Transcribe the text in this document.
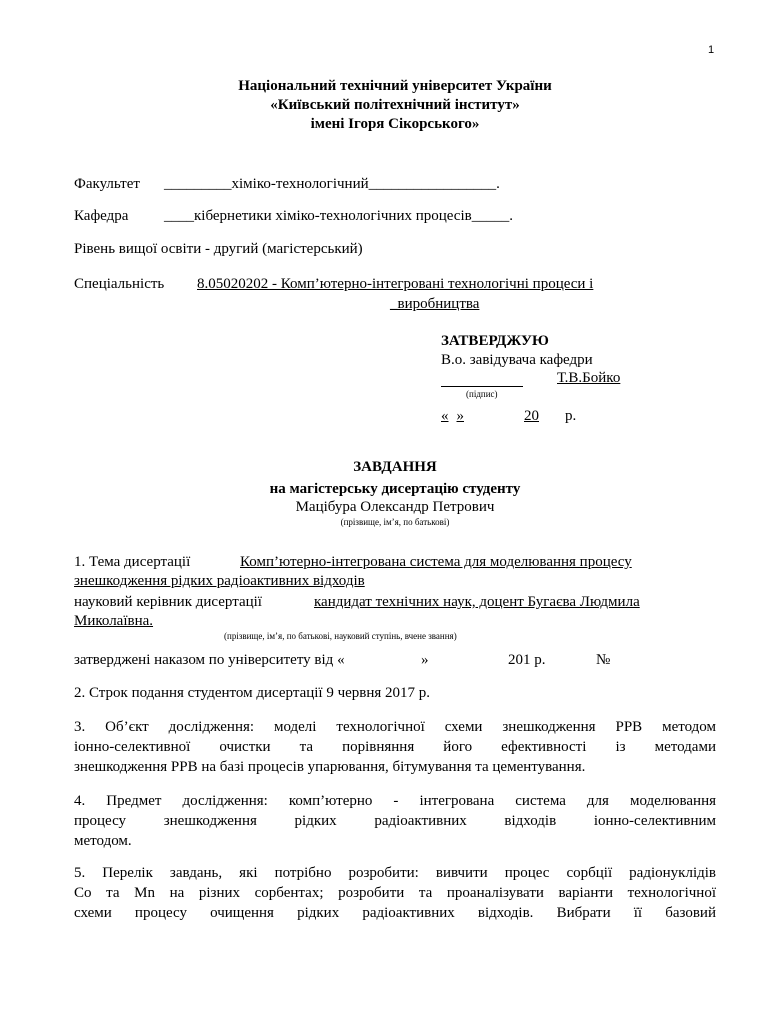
1
Національний технічний університет України
«Київський політехнічний інститут»
імені Ігоря Сікорського»
Факультет _________хіміко-технологічний_________________.
Кафедра ____кібернетики хіміко-технологічних процесів_____.
Рівень вищої освіти - другий (магістерський)
Спеціальність 8.05020202 - Комп’ютерно-інтегровані технологічні процеси і
_виробництва
ЗАТВЕРДЖУЮ
В.о. завідувача кафедри
Т.В.Бойко
(підпис)
« »	20	р.
ЗАВДАННЯ
на магістерську дисертацію студенту
Мацібура Олександр Петрович
(прізвище, ім’я, по батькові)
1. Тема дисертації	Комп’ютерно-інтегрована система для моделювання процесу
знешкодження рідких радіоактивних відходів
науковий керівник дисертації	кандидат технічних наук, доцент Бугаєва Людмила
Миколаївна.
(прізвище, ім’я, по батькові, науковий ступінь, вчене звання)
затверджені наказом по університету від «	»	201 р.	№
2. Строк подання студентом дисертації 9 червня 2017 р.
3. Об’єкт дослідження: моделі технологічної схеми знешкодження РРВ методом
іонно-селективної очистки та порівняння його ефективності із методами
знешкодження РРВ на базі процесів упарювання, бітумування та цементування.
4. Предмет дослідження: комп’ютерно - інтегрована система для моделювання
процесу знешкодження рідких радіоактивних відходів іонно-селективним
методом.
5. Перелік завдань, які потрібно розробити: вивчити процес сорбції радіонуклідів
Co та Mn на різних сорбентах; розробити та проаналізувати варіанти технологічної
схеми процесу очищення рідких радіоактивних відходів. Вибрати її базовий
